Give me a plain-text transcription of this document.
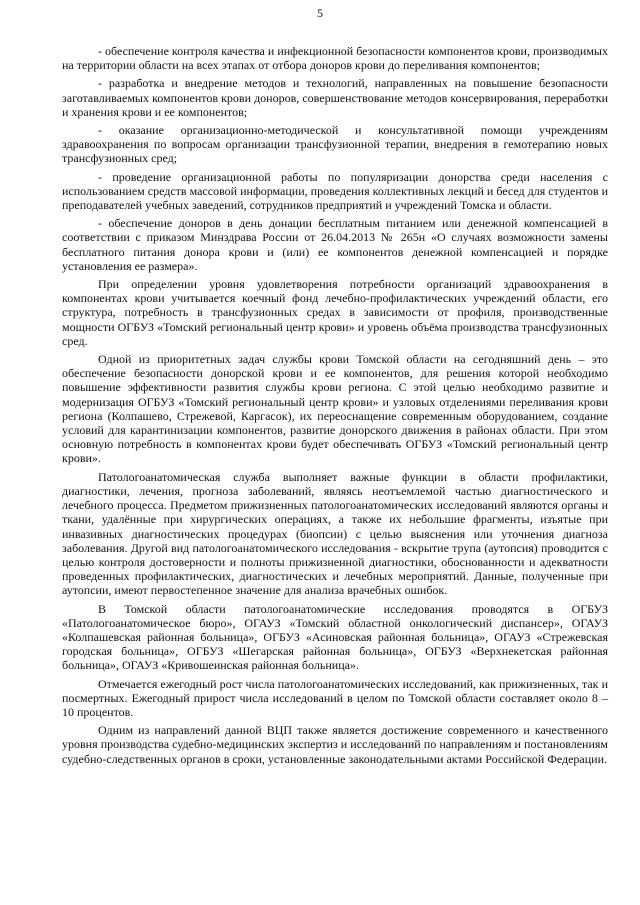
5

- обеспечение контроля качества и инфекционной безопасности компонентов крови, производимых на территории области на всех этапах от отбора доноров крови до переливания компонентов;

- разработка и внедрение методов и технологий, направленных на повышение безопасности заготавливаемых компонентов крови доноров, совершенствование методов консервирования, переработки и хранения крови и ее компонентов;

- оказание организационно-методической и консультативной помощи учреждениям здравоохранения по вопросам организации трансфузионной терапии, внедрения в гемотерапию новых трансфузионных сред;

- проведение организационной работы по популяризации донорства среди населения с использованием средств массовой информации, проведения коллективных лекций и бесед для студентов и преподавателей учебных заведений, сотрудников предприятий и учреждений Томска и области.

- обеспечение доноров в день донации бесплатным питанием или денежной компенсацией в соответствии с приказом Минздрава России от 26.04.2013 № 265н «О случаях возможности замены бесплатного питания донора крови и (или) ее компонентов денежной компенсацией и порядке установления ее размера».

При определении уровня удовлетворения потребности организаций здравоохранения в компонентах крови учитывается коечный фонд лечебно-профилактических учреждений области, его структура, потребность в трансфузионных средах в зависимости от профиля, производственные мощности ОГБУЗ «Томский региональный центр крови» и уровень объёма производства трансфузионных сред.

Одной из приоритетных задач службы крови Томской области на сегодняшний день – это обеспечение безопасности донорской крови и ее компонентов, для решения которой необходимо повышение эффективности развития службы крови региона. С этой целью необходимо развитие и модернизация ОГБУЗ «Томский региональный центр крови» и узловых отделениями переливания крови региона (Колпашево, Стрежевой, Каргасок), их переоснащение современным оборудованием, создание условий для карантинизации компонентов, развитие донорского движения в районах области. При этом основную потребность в компонентах крови будет обеспечивать ОГБУЗ «Томский региональный центр крови».

Патологоанатомическая служба выполняет важные функции в области профилактики, диагностики, лечения, прогноза заболеваний, являясь неотъемлемой частью диагностического и лечебного процесса. Предметом прижизненных патологоанатомических исследований являются органы и ткани, удалённые при хирургических операциях, а также их небольшие фрагменты, изъятые при инвазивных диагностических процедурах (биопсии) с целью выяснения или уточнения диагноза заболевания. Другой вид патологоанатомического исследования - вскрытие трупа (аутопсия) проводится с целью контроля достоверности и полноты прижизненной диагностики, обоснованности и адекватности проведенных профилактических, диагностических и лечебных мероприятий. Данные, полученные при аутопсии, имеют первостепенное значение для анализа врачебных ошибок.

В Томской области патологоанатомические исследования проводятся в ОГБУЗ «Патологоанатомическое бюро», ОГАУЗ «Томский областной онкологический диспансер», ОГАУЗ «Колпашевская районная больница», ОГБУЗ «Асиновская районная больница», ОГАУЗ «Стрежевская городская больница», ОГБУЗ «Шегарская районная больница», ОГБУЗ «Верхнекетская районная больница», ОГАУЗ «Кривошеинская районная больница».

Отмечается ежегодный рост числа патологоанатомических исследований, как прижизненных, так и посмертных. Ежегодный прирост числа исследований в целом по Томской области составляет около 8 – 10 процентов.

Одним из направлений данной ВЦП также является достижение современного и качественного уровня производства судебно-медицинских экспертиз и исследований по направлениям и постановлениям судебно-следственных органов в сроки, установленные законодательными актами Российской Федерации.
